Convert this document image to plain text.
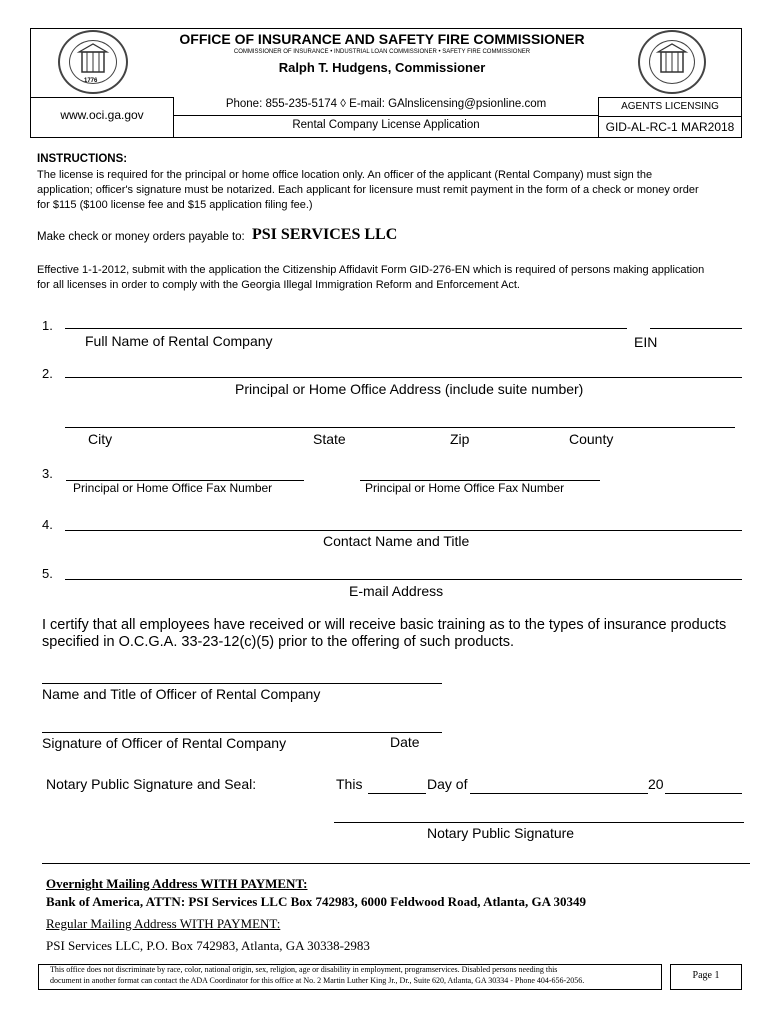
1776
OFFICE OF INSURANCE AND SAFETY FIRE COMMISSIONER
COMMISSIONER OF INSURANCE • INDUSTRIAL LOAN COMMISSIONER • SAFETY FIRE COMMISSIONER
Ralph T. Hudgens, Commissioner
www.oci.ga.gov
Phone: 855-235-5174 ◊ E-mail: GAlnslicensing@psionline.com
Rental Company License Application
AGENTS LICENSING
GID-AL-RC-1 MAR2018
INSTRUCTIONS:
The license is required for the principal or home office location only. An officer of the applicant (Rental Company) must sign the
application; officer's signature must be notarized. Each applicant for licensure must remit payment in the form of a check or money order
for $115 ($100 license fee and $15 application filing fee.)
Make check or money orders payable to: PSI SERVICES LLC
Effective 1-1-2012, submit with the application the Citizenship Affidavit Form GID-276-EN which is required of persons making application
for all licenses in order to comply with the Georgia Illegal Immigration Reform and Enforcement Act.
1.
Full Name of Rental Company	EIN
2.
Principal or Home Office Address (include suite number)
City	State	Zip	County
3.
Principal or Home Office Fax Number	Principal or Home Office Fax Number
4.
Contact Name and Title
5.
E-mail Address
I certify that all employees have received or will receive basic training as to the types of insurance products
specified in O.C.G.A. 33-23-12(c)(5) prior to the offering of such products.
Name and Title of Officer of Rental Company
Signature of Officer of Rental Company	Date
Notary Public Signature and Seal:	This	Day of	20
Notary Public Signature
Overnight Mailing Address WITH PAYMENT:
Bank of America, ATTN: PSI Services LLC Box 742983, 6000 Feldwood Road, Atlanta, GA 30349
Regular Mailing Address WITH PAYMENT:
PSI Services LLC, P.O. Box 742983, Atlanta, GA 30338-2983
This office does not discriminate by race, color, national origin, sex, religion, age or disability in employment, programservices. Disabled persons needing this
document in another format can contact the ADA Coordinator for this office at No. 2 Martin Luther King Jr., Dr., Suite 620, Atlanta, GA 30334 - Phone 404-656-2056.	Page 1
